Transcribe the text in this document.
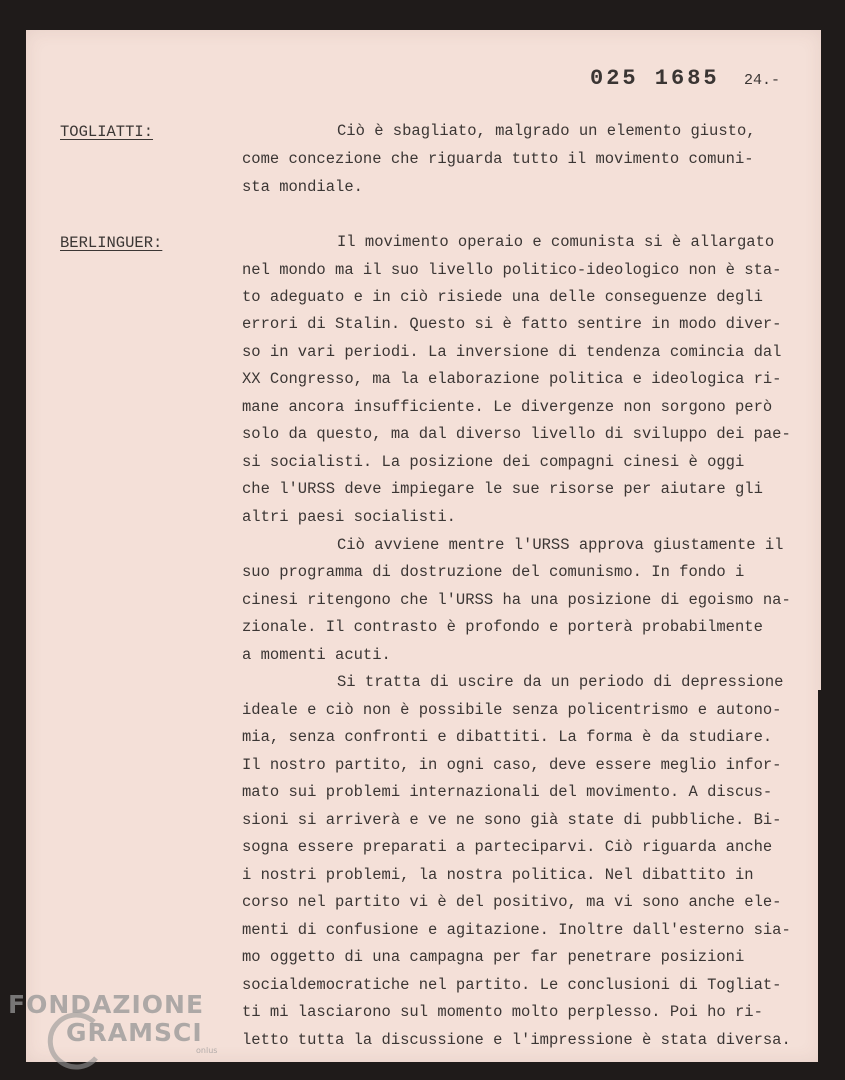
025 1685 24.-
TOGLIATTI:
BERLINGUER:
Ciò è sbagliato, malgrado un elemento giusto,
come concezione che riguarda tutto il movimento comuni-
sta mondiale.
Il movimento operaio e comunista si è allargato
nel mondo ma il suo livello politico-ideologico non è sta-
to adeguato e in ciò risiede una delle conseguenze degli
errori di Stalin. Questo si è fatto sentire in modo diver-
so in vari periodi. La inversione di tendenza comincia dal
XX Congresso, ma la elaborazione politica e ideologica ri-
mane ancora insufficiente. Le divergenze non sorgono però
solo da questo, ma dal diverso livello di sviluppo dei pae-
si socialisti. La posizione dei compagni cinesi è oggi
che l'URSS deve impiegare le sue risorse per aiutare gli
altri paesi socialisti.
Ciò avviene mentre l'URSS approva giustamente il
suo programma di dostruzione del comunismo. In fondo i
cinesi ritengono che l'URSS ha una posizione di egoismo na-
zionale. Il contrasto è profondo e porterà probabilmente
a momenti acuti.
Si tratta di uscire da un periodo di depressione
ideale e ciò non è possibile senza policentrismo e autono-
mia, senza confronti e dibattiti. La forma è da studiare.
Il nostro partito, in ogni caso, deve essere meglio infor-
mato sui problemi internazionali del movimento. A discus-
sioni si arriverà e ve ne sono già state di pubbliche. Bi-
sogna essere preparati a parteciparvi. Ciò riguarda anche
i nostri problemi, la nostra politica. Nel dibattito in
corso nel partito vi è del positivo, ma vi sono anche ele-
menti di confusione e agitazione. Inoltre dall'esterno sia-
mo oggetto di una campagna per far penetrare posizioni
socialdemocratiche nel partito. Le conclusioni di Togliat-
ti mi lasciarono sul momento molto perplesso. Poi ho ri-
letto tutta la discussione e l'impressione è stata diversa.
FONDAZIONE
GRAMSCI
onlus
